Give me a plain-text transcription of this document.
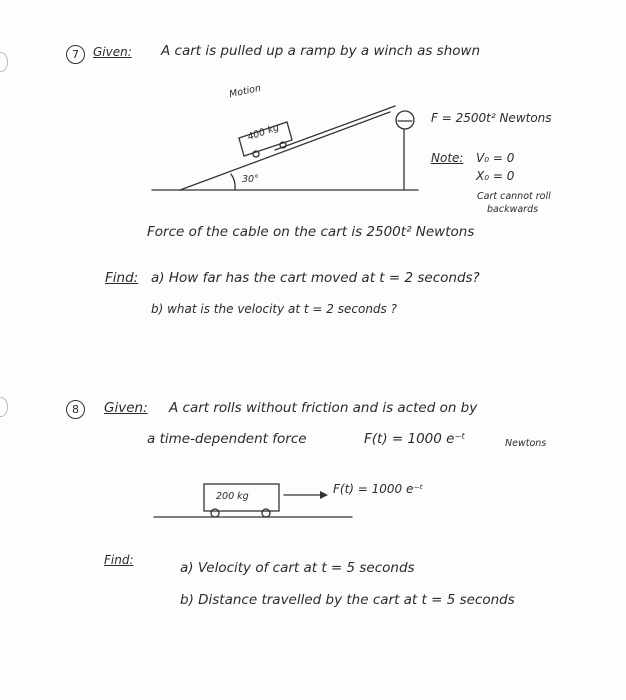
7	Given: A cart is pulled up a ramp by a winch as shown
Motion
400 kg
30°
F = 2500t² Newtons
Note: V₀ = 0
X₀ = 0
Cart cannot roll
backwards
Force of the cable on the cart is 2500t² Newtons
Find: a) How far has the cart moved at t = 2 seconds?
b) what is the velocity at t = 2 seconds ?
8	Given: A cart rolls without friction and is acted on by
a time-dependent force	F(t) = 1000 e⁻ᵗ	Newtons
200 kg
F(t) = 1000 e⁻ᵗ
Find:	a) Velocity of cart at t = 5 seconds
b) Distance travelled by the cart at t = 5 seconds
